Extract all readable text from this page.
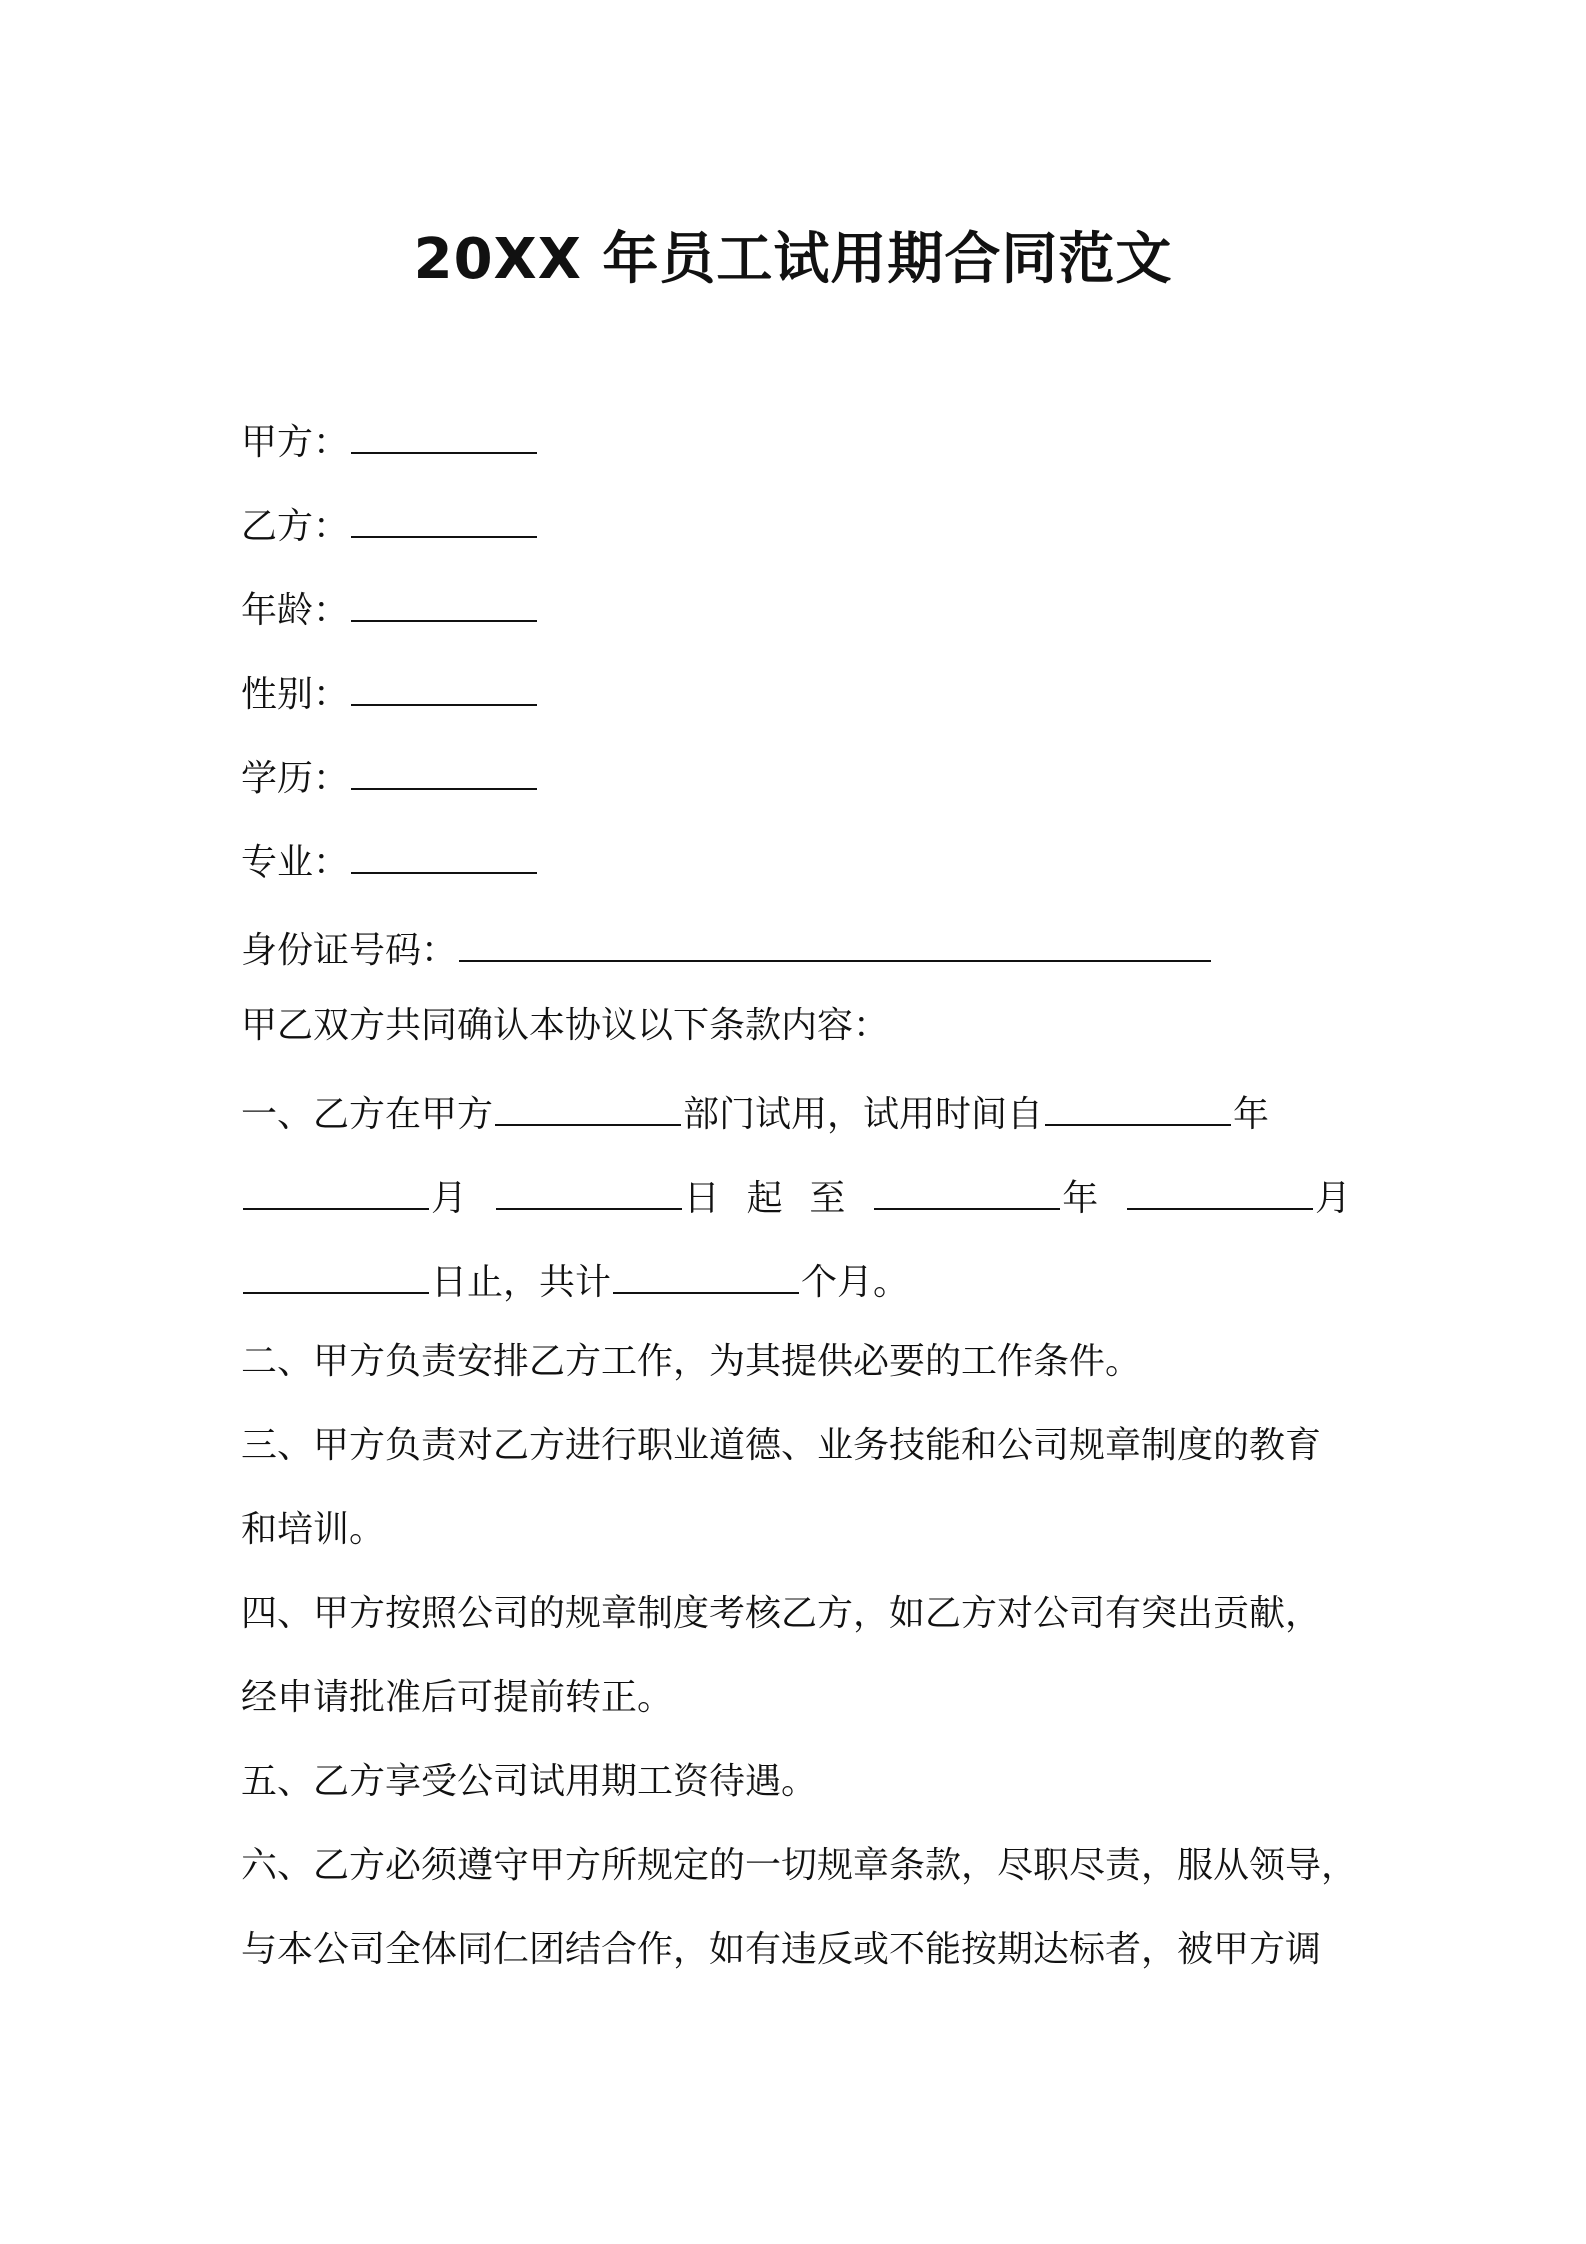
20XX 年员工试用期合同范文

甲方：

乙方：

年龄：

性别：

学历：

专业：

身份证号码：

甲乙双方共同确认本协议以下条款内容：

一、乙方在甲方	部门试用，试用时间自	年

月	日 起 至	年	月

日止，共计	个月。

二、甲方负责安排乙方工作，为其提供必要的工作条件。

三、甲方负责对乙方进行职业道德、业务技能和公司规章制度的教育

和培训。

四、甲方按照公司的规章制度考核乙方，如乙方对公司有突出贡献，

经申请批准后可提前转正。

五、乙方享受公司试用期工资待遇。

六、乙方必须遵守甲方所规定的一切规章条款，尽职尽责，服从领导，

与本公司全体同仁团结合作，如有违反或不能按期达标者，被甲方调
